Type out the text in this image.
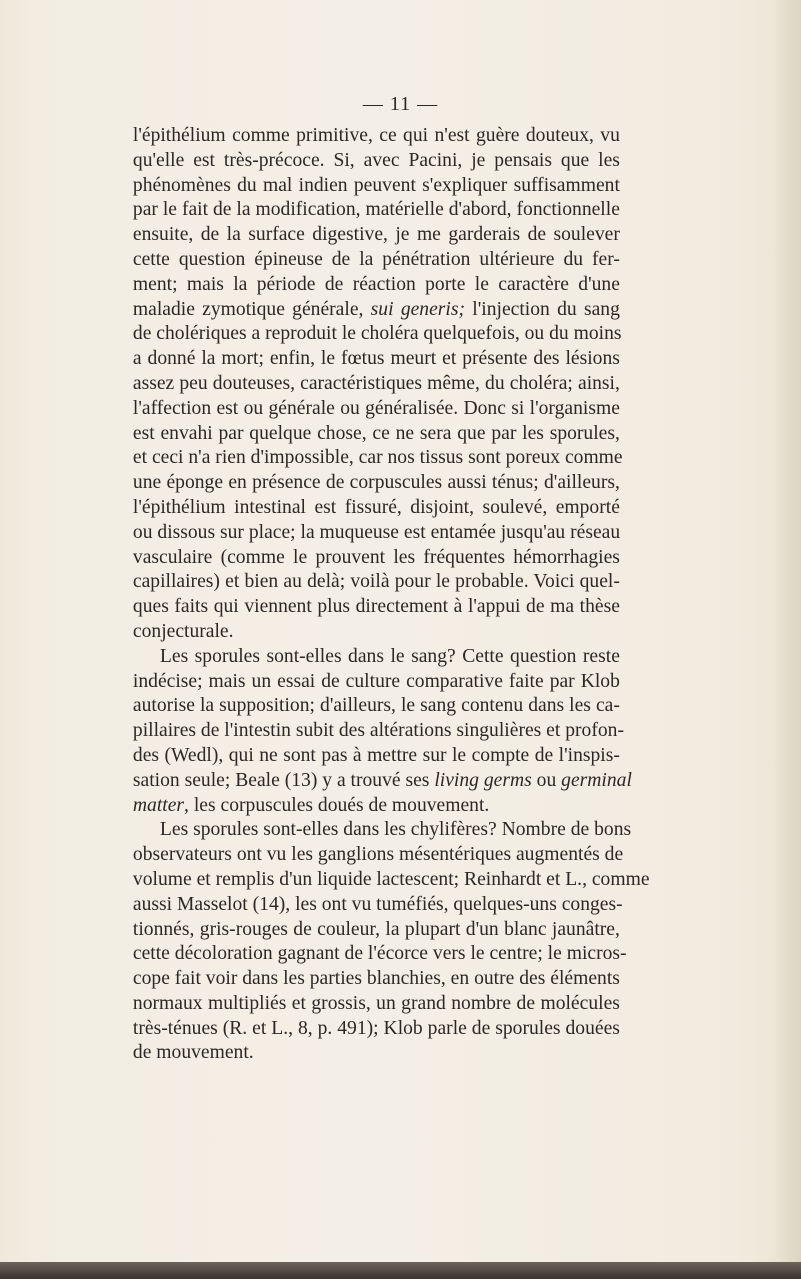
— 11 —
l'épithélium comme primitive, ce qui n'est guère douteux, vu
qu'elle est très-précoce. Si, avec Pacini, je pensais que les
phénomènes du mal indien peuvent s'expliquer suffisamment
par le fait de la modification, matérielle d'abord, fonctionnelle
ensuite, de la surface digestive, je me garderais de soulever
cette question épineuse de la pénétration ultérieure du fer-
ment; mais la période de réaction porte le caractère d'une
maladie zymotique générale, sui generis; l'injection du sang
de cholériques a reproduit le choléra quelquefois, ou du moins
a donné la mort; enfin, le fœtus meurt et présente des lésions
assez peu douteuses, caractéristiques même, du choléra; ainsi,
l'affection est ou générale ou généralisée. Donc si l'organisme
est envahi par quelque chose, ce ne sera que par les sporules,
et ceci n'a rien d'impossible, car nos tissus sont poreux comme
une éponge en présence de corpuscules aussi ténus; d'ailleurs,
l'épithélium intestinal est fissuré, disjoint, soulevé, emporté
ou dissous sur place; la muqueuse est entamée jusqu'au réseau
vasculaire (comme le prouvent les fréquentes hémorrhagies
capillaires) et bien au delà; voilà pour le probable. Voici quel-
ques faits qui viennent plus directement à l'appui de ma thèse
conjecturale.
Les sporules sont-elles dans le sang? Cette question reste
indécise; mais un essai de culture comparative faite par Klob
autorise la supposition; d'ailleurs, le sang contenu dans les ca-
pillaires de l'intestin subit des altérations singulières et profon-
des (Wedl), qui ne sont pas à mettre sur le compte de l'inspis-
sation seule; Beale (13) y a trouvé ses living germs ou germinal
matter, les corpuscules doués de mouvement.
Les sporules sont-elles dans les chylifères? Nombre de bons
observateurs ont vu les ganglions mésentériques augmentés de
volume et remplis d'un liquide lactescent; Reinhardt et L., comme
aussi Masselot (14), les ont vu tuméfiés, quelques-uns conges-
tionnés, gris-rouges de couleur, la plupart d'un blanc jaunâtre,
cette décoloration gagnant de l'écorce vers le centre; le micros-
cope fait voir dans les parties blanchies, en outre des éléments
normaux multipliés et grossis, un grand nombre de molécules
très-ténues (R. et L., 8, p. 491); Klob parle de sporules douées
de mouvement.
